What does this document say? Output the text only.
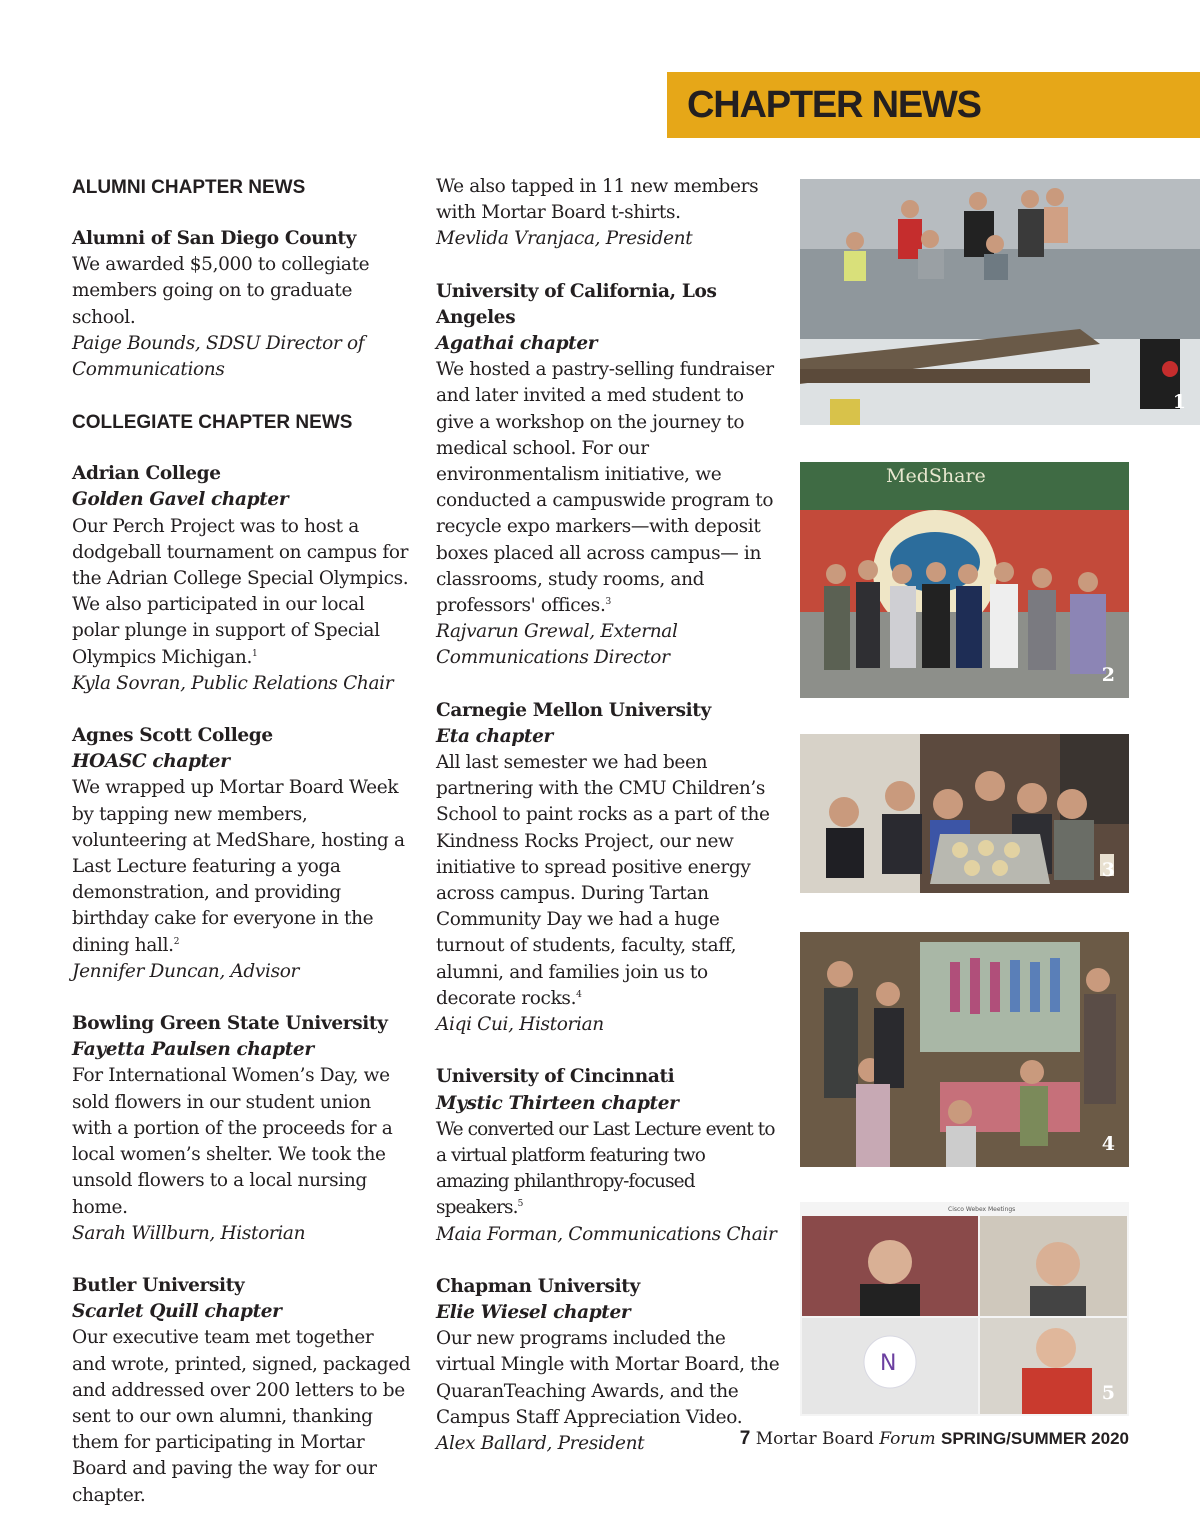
CHAPTER NEWS
ALUMNI CHAPTER NEWS
Alumni of San Diego County
We awarded $5,000 to collegiate members going on to graduate school.
Paige Bounds, SDSU Director of Communications
COLLEGIATE CHAPTER NEWS
Adrian College
Golden Gavel chapter
Our Perch Project was to host a dodgeball tournament on campus for the Adrian College Special Olympics. We also participated in our local polar plunge in support of Special Olympics Michigan.$^1$
Kyla Sovran, Public Relations Chair
Agnes Scott College
HOASC chapter
We wrapped up Mortar Board Week by tapping new members, volunteering at MedShare, hosting a Last Lecture featuring a yoga demonstration, and providing birthday cake for everyone in the dining hall.$^2$
Jennifer Duncan, Advisor
Bowling Green State University
Fayetta Paulsen chapter
For International Women’s Day, we sold flowers in our student union with a portion of the proceeds for a local women’s shelter. We took the unsold flowers to a local nursing home.
Sarah Willburn, Historian
Butler University
Scarlet Quill chapter
Our executive team met together and wrote, printed, signed, packaged and addressed over 200 letters to be sent to our own alumni, thanking them for participating in Mortar Board and paving the way for our chapter.
We also tapped in 11 new members with Mortar Board t-shirts.
Mevlida Vranjaca, President
University of California, Los Angeles
Agathai chapter
We hosted a pastry-selling fundraiser and later invited a med student to give a workshop on the journey to medical school. For our environmentalism initiative, we conducted a campuswide program to recycle expo markers—with deposit boxes placed all across campus— in classrooms, study rooms, and professors' offices.$^3$
Rajvarun Grewal, External Communications Director
Carnegie Mellon University
Eta chapter
All last semester we had been partnering with the CMU Children’s School to paint rocks as a part of the Kindness Rocks Project, our new initiative to spread positive energy across campus. During Tartan Community Day we had a huge turnout of students, faculty, staff, alumni, and families join us to decorate rocks.$^4$
Aiqi Cui, Historian
University of Cincinnati
Mystic Thirteen chapter
We converted our Last Lecture event to a virtual platform featuring two amazing philanthropy-focused speakers.$^5$
Maia Forman, Communications Chair
Chapman University
Elie Wiesel chapter
Our new programs included the virtual Mingle with Mortar Board, the QuaranTeaching Awards, and the Campus Staff Appreciation Video.
Alex Ballard, President
1
MedShare
2
3
4
Cisco Webex Meetings
N
5
7 Mortar Board Forum SPRING/SUMMER 2020
